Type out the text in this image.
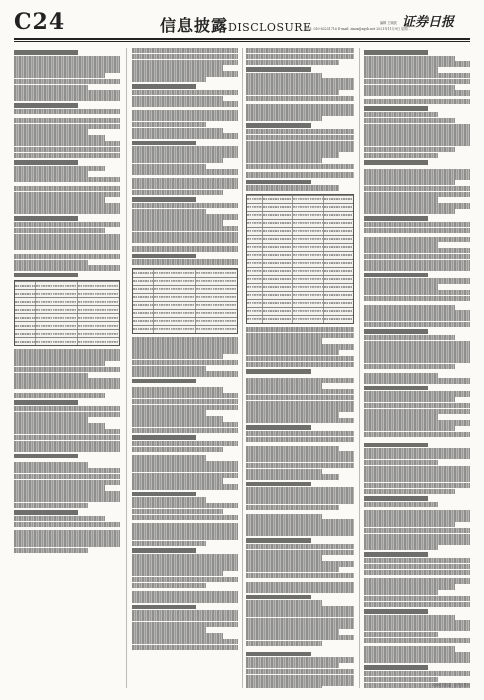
C24	信息披露DISCLOSURE	证券日报
编辑 王晓波
电话: 010-83251716 E-mail: zmzx@zqrb.net 2021年11月9日 星期二
本版信息披露 · 证券日报社
